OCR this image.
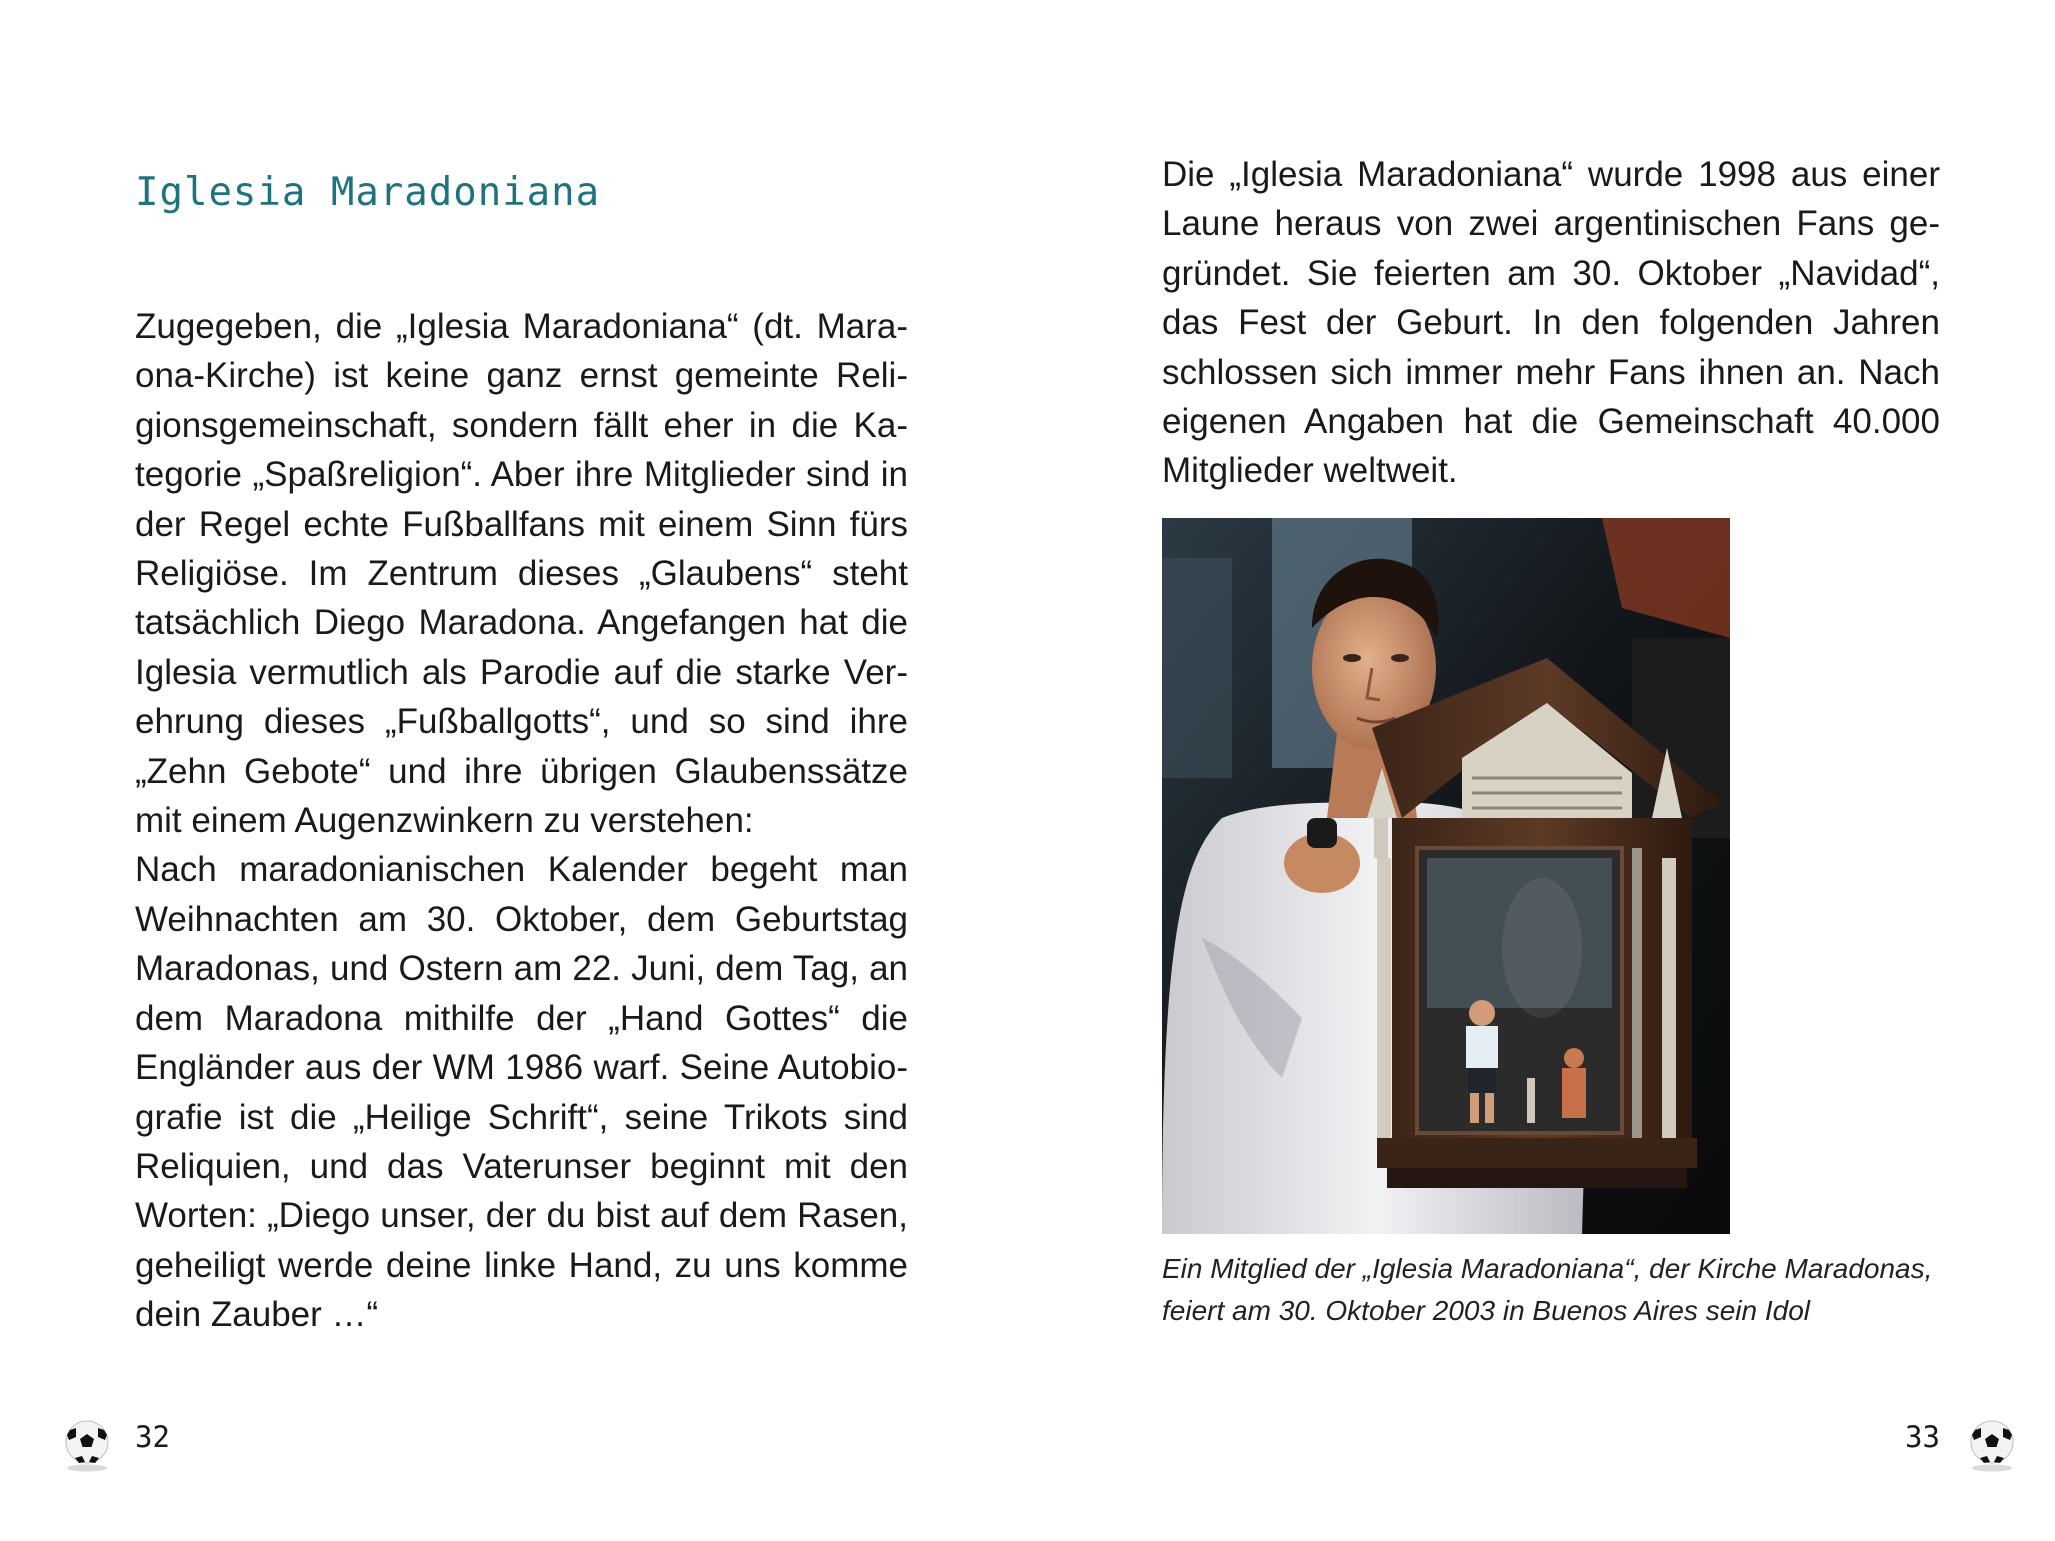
Iglesia Maradoniana

Zugegeben, die „Iglesia Maradoniana“ (dt. Maraona-Kirche) ist keine ganz ernst gemeinte Religionsgemeinschaft, sondern fällt eher in die Kategorie „Spaßreligion“. Aber ihre Mitglieder sind in der Regel echte Fußballfans mit einem Sinn fürs Religiöse. Im Zentrum dieses „Glaubens“ steht tatsächlich Diego Maradona. Angefangen hat die Iglesia vermutlich als Parodie auf die starke Verehrung dieses „Fußballgotts“, und so sind ihre „Zehn Gebote“ und ihre übrigen Glaubenssätze mit einem Augenzwinkern zu verstehen:

Nach maradonianischen Kalender begeht man Weihnachten am 30. Oktober, dem Geburtstag Maradonas, und Ostern am 22. Juni, dem Tag, an dem Maradona mithilfe der „Hand Gottes“ die Engländer aus der WM 1986 warf. Seine Autobiografie ist die „Heilige Schrift“, seine Trikots sind Reliquien, und das Vaterunser beginnt mit den Worten: „Diego unser, der du bist auf dem Rasen, geheiligt werde deine linke Hand, zu uns komme dein Zauber …“

32

Die „Iglesia Maradoniana“ wurde 1998 aus einer Laune heraus von zwei argentinischen Fans gegründet. Sie feierten am 30. Oktober „Navidad“, das Fest der Geburt. In den folgenden Jahren schlossen sich immer mehr Fans ihnen an. Nach eigenen Angaben hat die Gemeinschaft 40.000 Mitglieder weltweit.

Ein Mitglied der „Iglesia Maradoniana“, der Kirche Maradonas, feiert am 30. Oktober 2003 in Buenos Aires sein Idol

33
